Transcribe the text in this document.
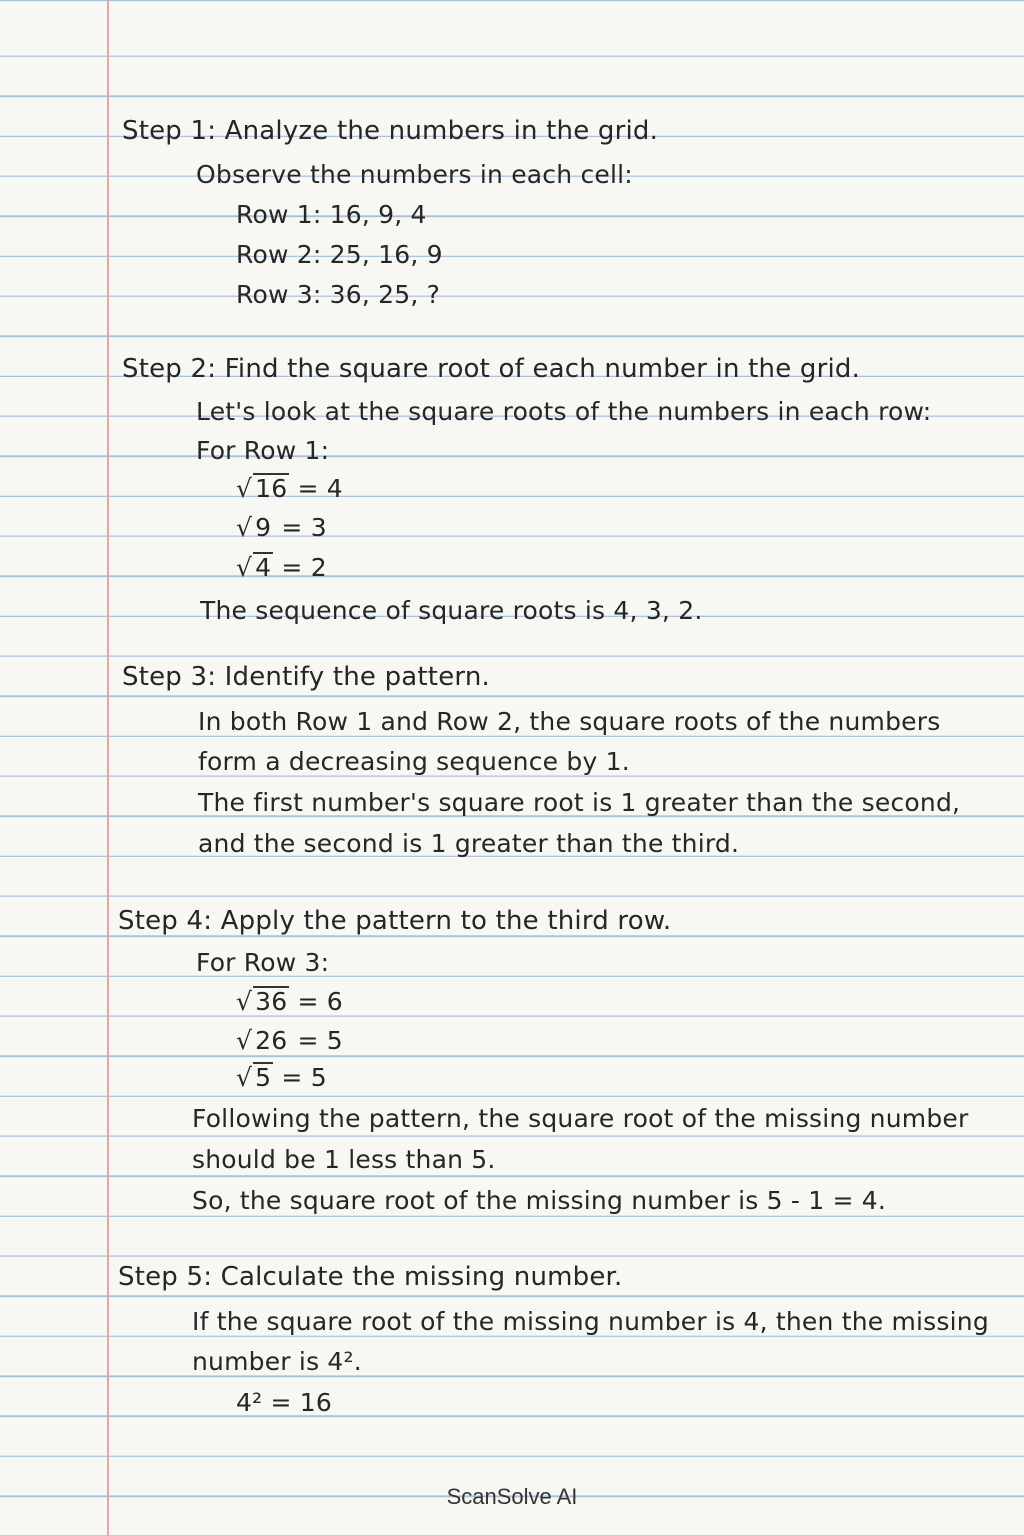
Step 1: Analyze the numbers in the grid.
Observe the numbers in each cell:
Row 1: 16, 9, 4
Row 2: 25, 16, 9
Row 3: 36, 25, ?
Step 2: Find the square root of each number in the grid.
Let's look at the square roots of the numbers in each row:
For Row 1:
√ 16 = 4
√ 9 = 3
√ 4 = 2
The sequence of square roots is 4, 3, 2.
Step 3: Identify the pattern.
In both Row 1 and Row 2, the square roots of the numbers
form a decreasing sequence by 1.
The first number's square root is 1 greater than the second,
and the second is 1 greater than the third.
Step 4: Apply the pattern to the third row.
For Row 3:
√ 36 = 6
√ 26 = 5
√ 5 = 5
Following the pattern, the square root of the missing number
should be 1 less than 5.
So, the square root of the missing number is 5 - 1 = 4.
Step 5: Calculate the missing number.
If the square root of the missing number is 4, then the missing
number is 4².
4² = 16
ScanSolve AI
